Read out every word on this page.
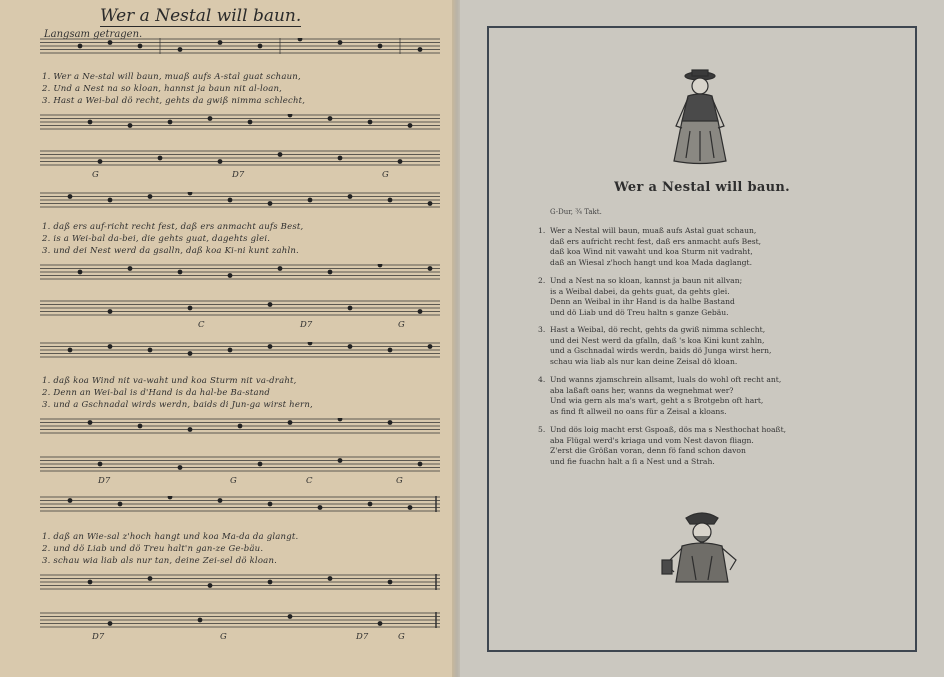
Wer a Nestal will baun.
Langsam getragen.
1. Wer a Ne-stal will baun, muaß aufs A-stal guat schaun,
2. Und a Nest na so kloan, hannst ja baun nit al-loan,
3. Hast a Wei-bal dö recht, gehts da gwiß nimma schlecht,
G	D7	G
1. daß ers auf-richt recht fest, daß ers anmacht aufs Best,
2. is a Wei-bal da-bei, die gehts guat, dagehts glei.
3. und dei Nest werd da gsalln, daß koa Ki-ni kunt zahln.
C	D7	G
1. daß koa Wind nit va-waht und koa Sturm nit va-draht,
2. Denn an Wei-bal is d'Hand is da hal-be Ba-stand
3. und a Gschnadal wirds werdn, baids di Jun-ga wirst hern,
D7	G	C	G
1. daß an Wie-sal z'hoch hangt und koa Ma-da da glangt.
2. und dö Liab und dö Treu halt'n gan-ze Ge-bäu.
3. schau wia liab als nur tan, deine Zei-sel dö kloan.
D7	G	D7	G
Wer a Nestal will baun.
G-Dur, ¾ Takt.
1. Wer a Nestal will baun, muaß aufs Astal guat schaun,
daß ers aufricht recht fest, daß ers anmacht aufs Best,
daß koa Wind nit vawaht und koa Sturm nit vadraht,
daß an Wiesal z'hoch hangt und koa Mada daglangt.
2. Und a Nest na so kloan, kannst ja baun nit allvan;
is a Weibal dabei, da gehts guat, da gehts glei.
Denn an Weibal in ihr Hand is da halbe Bastand
und dö Liab und dö Treu haltn s ganze Gebäu.
3. Hast a Weibal, dö recht, gehts da gwiß nimma schlecht,
und dei Nest werd da gfalln, daß 's koa Kini kunt zahln,
und a Gschnadal wirds werdn, baids dö Junga wirst hern,
schau wia liab als nur kan deine Zeisal dö kloan.
4. Und wanns zjamschrein allsamt, luals do wohl oft recht ant,
aba laßaft oans her, wanns da wegnehmat wer?
Und wia gern als ma's wart, geht a s Brotgebn oft hart,
as find ft allweil no oans für a Zeisal a kloans.
5. Und dös loig macht erst Gspoaß, dös ma s Nesthochat hoaßt,
aba Flügal werd's kriaga und vom Nest davon fliagn.
Z'erst die Größan voran, denn fö fand schon davon
und fie fuachn halt a ſi a Nest und a Strah.
